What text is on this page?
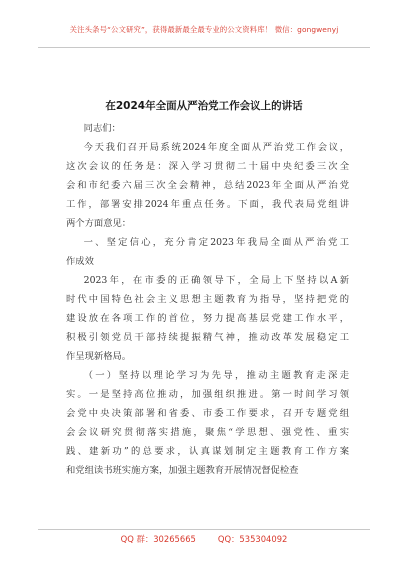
关注头条号“公文研究”，获得最新最全最专业的公文资料库！ 微信：gongwenyj
在2024年全面从严治党工作会议上的讲话

同志们：

今天我们召开局系统2024年度全面从严治党工作会议，
这次会议的任务是：深入学习贯彻二十届中央纪委三次全
会和市纪委六届三次全会精神，总结2023年全面从严治党
工作，部署安排2024年重点任务。下面，我代表局党组讲
两个方面意见：
一、坚定信心，充分肯定2023年我局全面从严治党工
作成效
2023年，在市委的正确领导下，全局上下坚持以A新
时代中国特色社会主义思想主题教育为指导，坚持把党的
建设放在各项工作的首位，努力提高基层党建工作水平，
积极引领党员干部持续提振精气神，推动改革发展稳定工
作呈现新格局。
（一）坚持以理论学习为先导，推动主题教育走深走
实。一是坚持高位推动，加强组织推进。第一时间学习领
会党中央决策部署和省委、市委工作要求，召开专题党组
会会议研究贯彻落实措施，聚焦“学思想、强党性、重实
践、建新功”的总要求，认真谋划制定主题教育工作方案
和党组读书班实施方案，加强主题教育开展情况督促检查
QQ 群：30265665	QQ：535304092
